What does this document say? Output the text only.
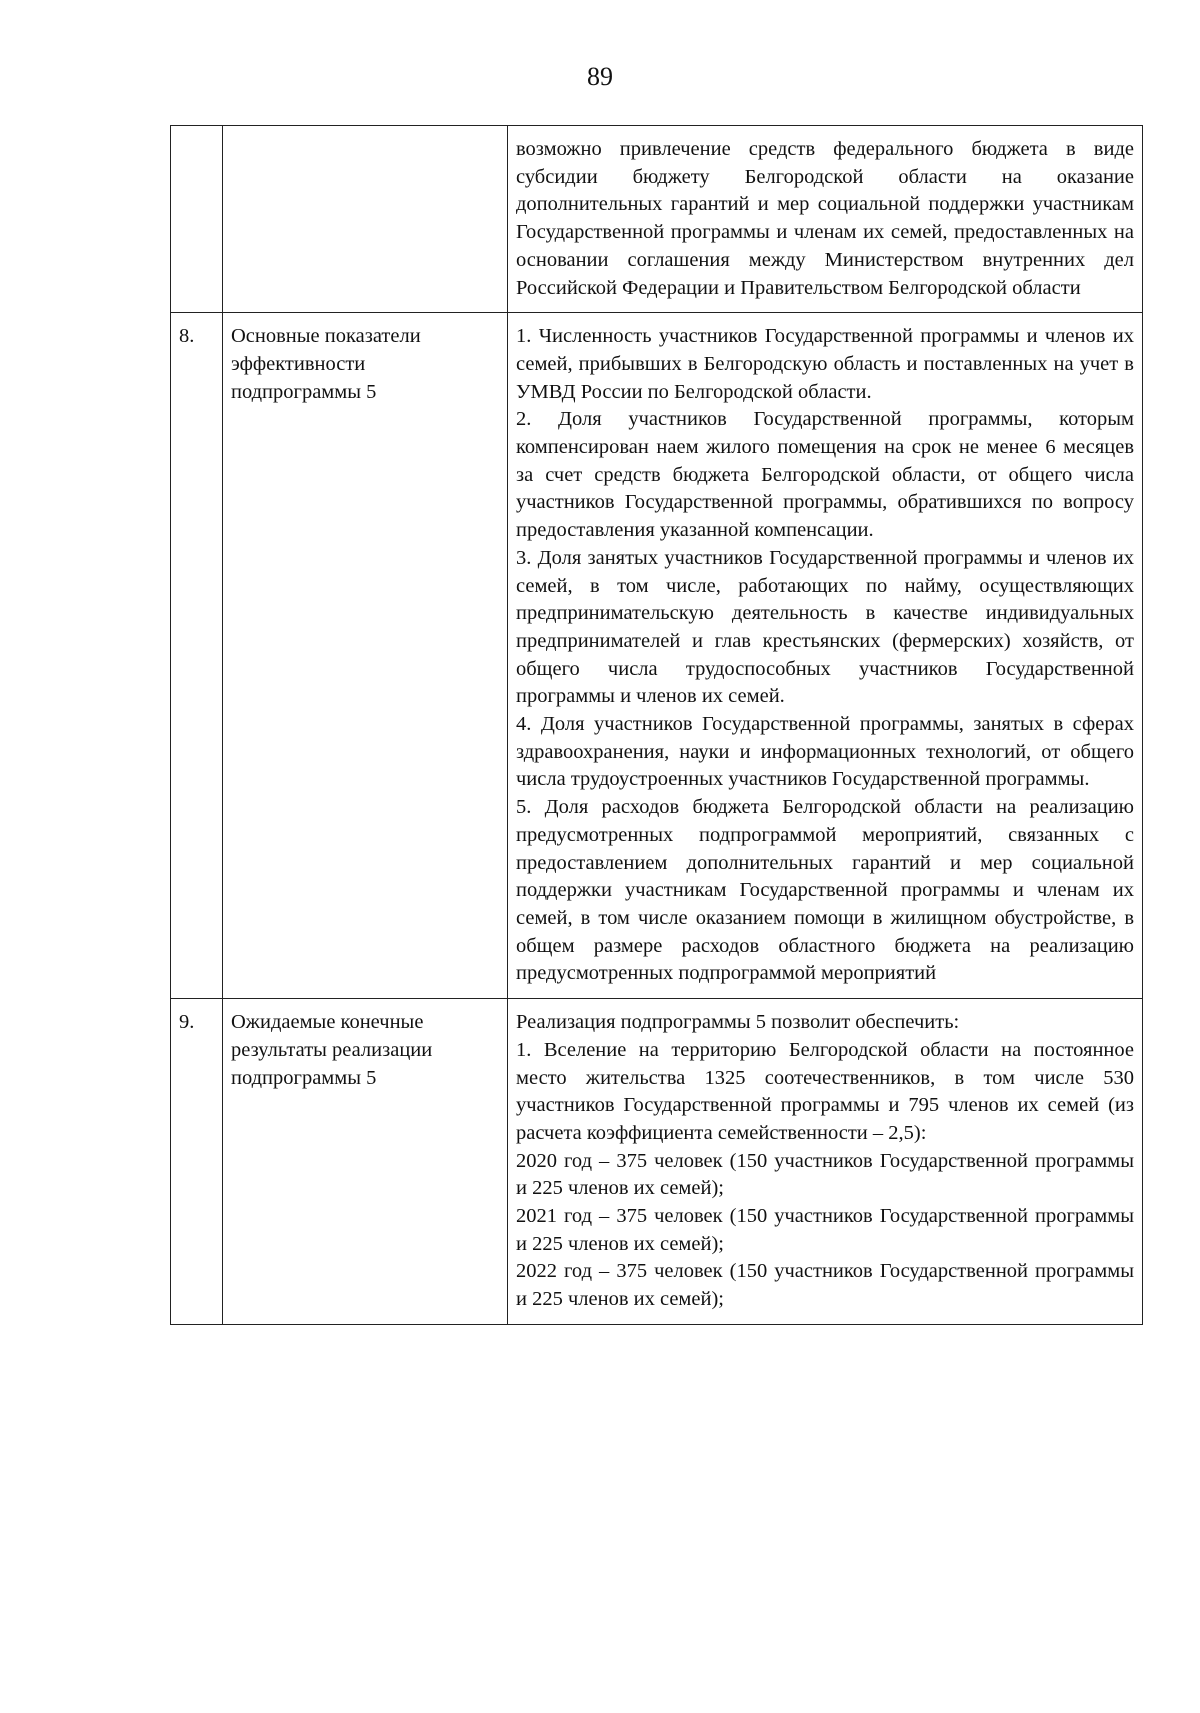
89

		возможно привлечение средств федерального бюджета в виде субсидии бюджету Белгородской области на оказание дополнительных гарантий и мер социальной поддержки участникам Государственной программы и членам их семей, предоставленных на основании соглашения между Министерством внутренних дел Российской Федерации и Правительством Белгородской области

8.	Основные показатели эффективности подпрограммы 5	1. Численность участников Государственной программы и членов их семей, прибывших в Белгородскую область и поставленных на учет в УМВД России по Белгородской области.
2. Доля участников Государственной программы, которым компенсирован наем жилого помещения на срок не менее 6 месяцев за счет средств бюджета Белгородской области, от общего числа участников Государственной программы, обратившихся по вопросу предоставления указанной компенсации.
3. Доля занятых участников Государственной программы и членов их семей, в том числе, работающих по найму, осуществляющих предпринимательскую деятельность в качестве индивидуальных предпринимателей и глав крестьянских (фермерских) хозяйств, от общего числа трудоспособных участников Государственной программы и членов их семей.
4. Доля участников Государственной программы, занятых в сферах здравоохранения, науки и информационных технологий, от общего числа трудоустроенных участников Государственной программы.
5. Доля расходов бюджета Белгородской области на реализацию предусмотренных подпрограммой мероприятий, связанных с предоставлением дополнительных гарантий и мер социальной поддержки участникам Государственной программы и членам их семей, в том числе оказанием помощи в жилищном обустройстве, в общем размере расходов областного бюджета на реализацию предусмотренных подпрограммой мероприятий

9.	Ожидаемые конечные результаты реализации подпрограммы 5	Реализация подпрограммы 5 позволит обеспечить:
1. Вселение на территорию Белгородской области на постоянное место жительства 1325 соотечественников, в том числе 530 участников Государственной программы и 795 членов их семей (из расчета коэффициента семейственности – 2,5):
2020 год – 375 человек (150 участников Государственной программы и 225 членов их семей);
2021 год – 375 человек (150 участников Государственной программы и 225 членов их семей);
2022 год – 375 человек (150 участников Государственной программы и 225 членов их семей);
